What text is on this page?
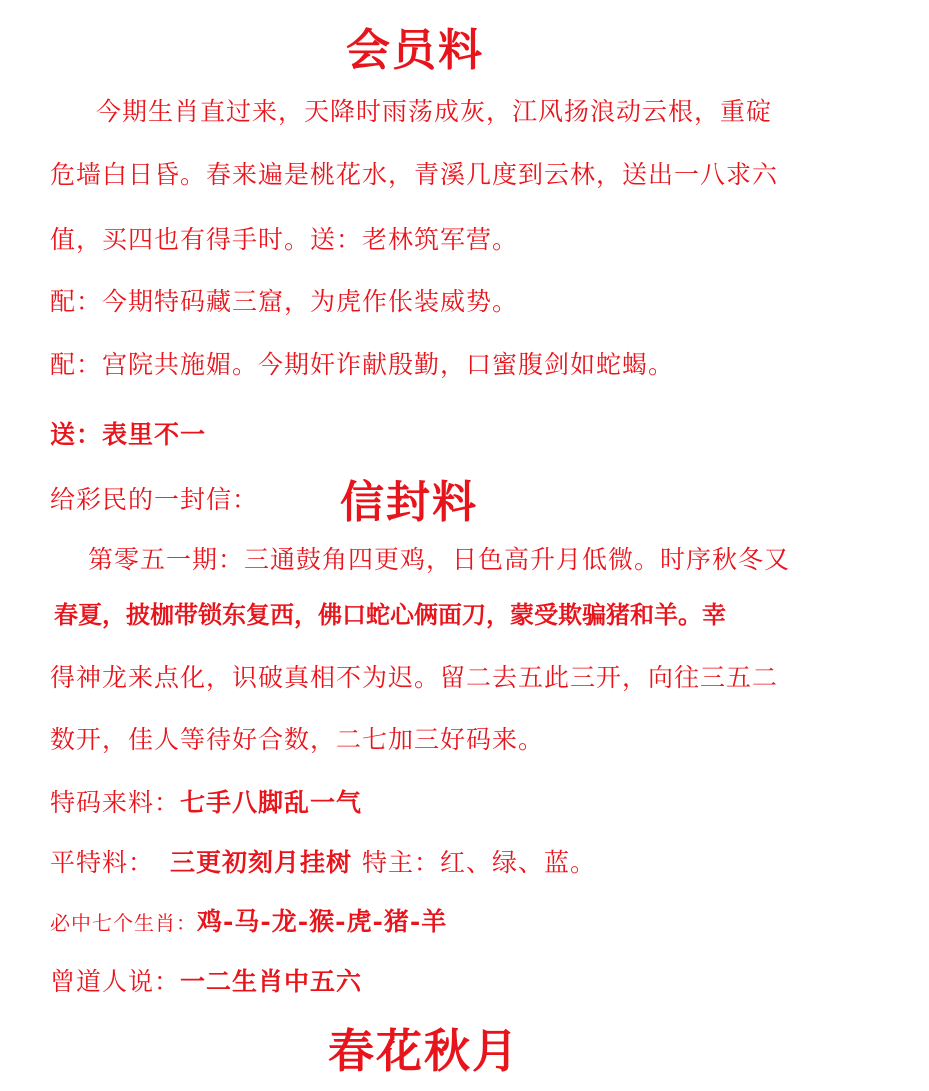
会员料
今期生肖直过来，天降时雨荡成灰，江风扬浪动云根，重碇
危墙白日昏。春来遍是桃花水，青溪几度到云林，送出一八求六
值，买四也有得手时。送：老林筑军营。
配：今期特码藏三窟，为虎作伥装威势。
配：宫院共施媚。今期奸诈献殷勤，口蜜腹剑如蛇蝎。
送：表里不一
给彩民的一封信： 信封料
第零五一期：三通鼓角四更鸡，日色高升月低微。时序秋冬又
春夏，披枷带锁东复西，佛口蛇心俩面刀，蒙受欺骗猪和羊。幸
得神龙来点化，识破真相不为迟。留二去五此三开，向往三五二
数开，佳人等待好合数，二七加三好码来。
特码来料：七手八脚乱一气
平特料： 三更初刻月挂树 特主：红、绿、蓝。
必中七个生肖：鸡-马-龙-猴-虎-猪-羊
曾道人说：一二生肖中五六
春花秋月
